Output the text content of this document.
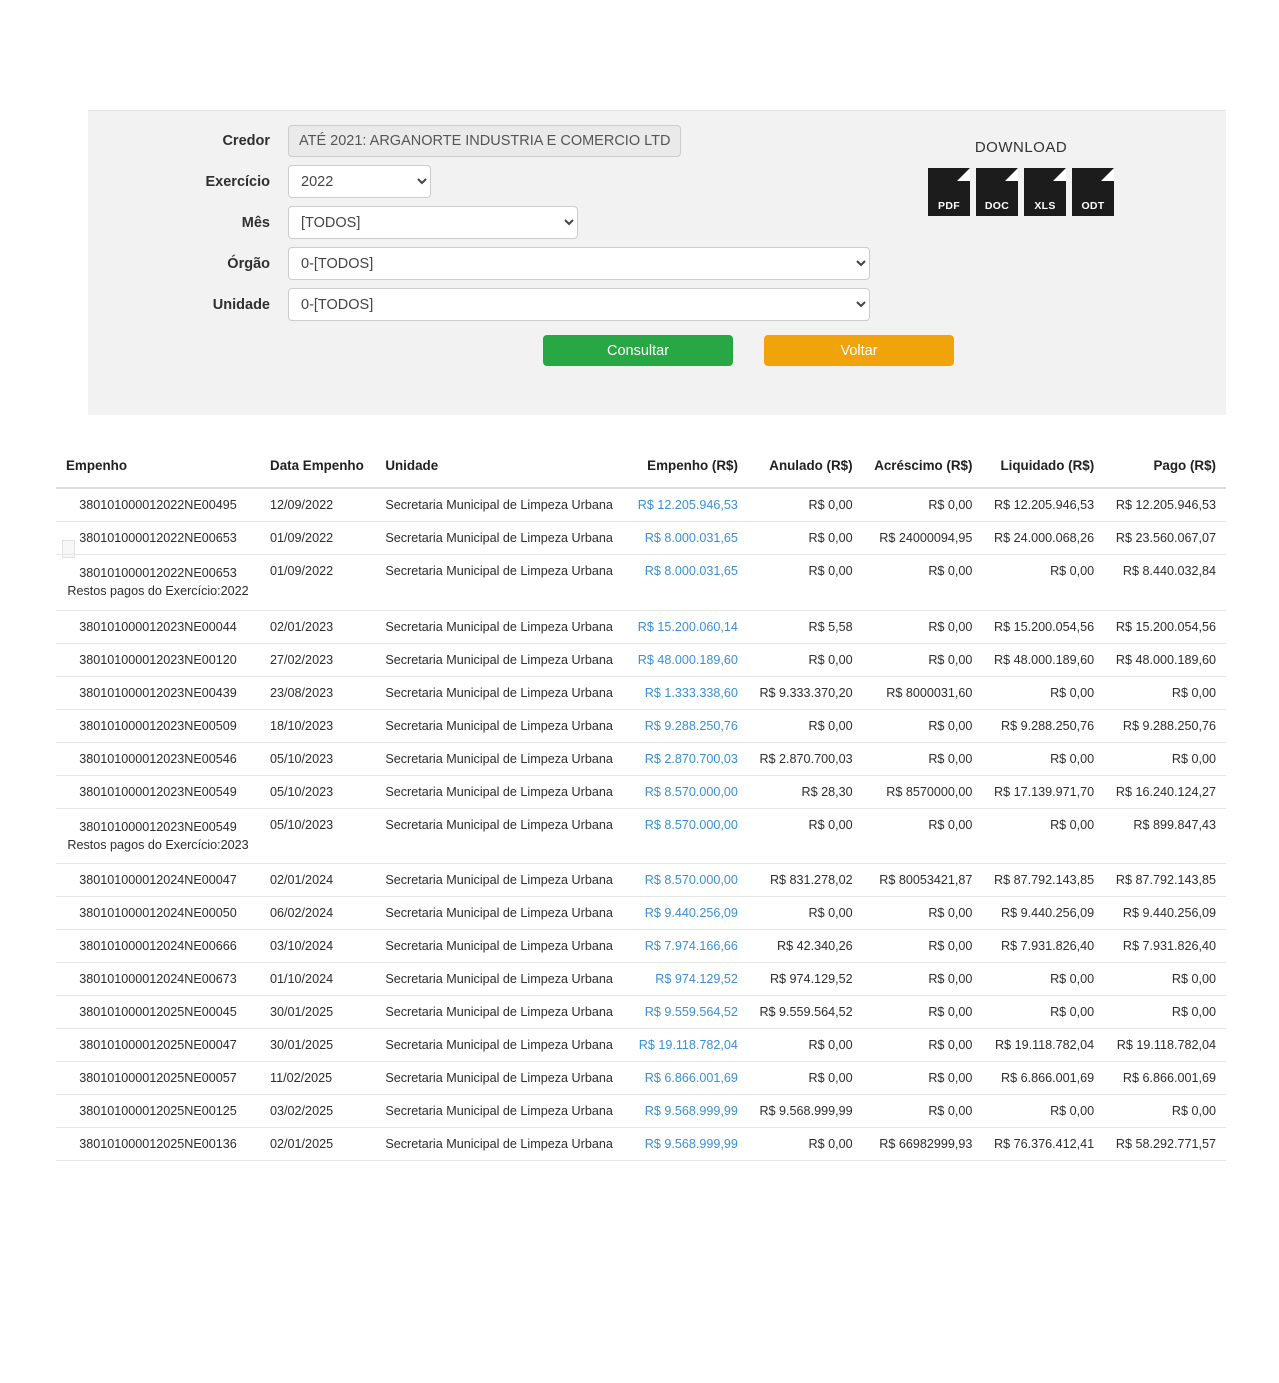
DOWNLOAD
PDF	DOC	XLS	ODT
Credor	ATÉ 2021: ARGANORTE INDUSTRIA E COMERCIO LTD
Exercício
2022
Mês
[TODOS]
Órgão
0-[TODOS]
Unidade
0-[TODOS]
Consultar	Voltar
Empenho	Data Empenho	Unidade	Empenho (R$)	Anulado (R$)	Acréscimo (R$)	Liquidado (R$)	Pago (R$)
380101000012022NE00495	12/09/2022	Secretaria Municipal de Limpeza Urbana	R$ 12.205.946,53	R$ 0,00	R$ 0,00	R$ 12.205.946,53	R$ 12.205.946,53
380101000012022NE00653	01/09/2022	Secretaria Municipal de Limpeza Urbana	R$ 8.000.031,65	R$ 0,00	R$ 24000094,95	R$ 24.000.068,26	R$ 23.560.067,07
380101000012022NE00653
Restos pagos do Exercício:2022	01/09/2022	Secretaria Municipal de Limpeza Urbana	R$ 8.000.031,65	R$ 0,00	R$ 0,00	R$ 0,00	R$ 8.440.032,84
380101000012023NE00044	02/01/2023	Secretaria Municipal de Limpeza Urbana	R$ 15.200.060,14	R$ 5,58	R$ 0,00	R$ 15.200.054,56	R$ 15.200.054,56
380101000012023NE00120	27/02/2023	Secretaria Municipal de Limpeza Urbana	R$ 48.000.189,60	R$ 0,00	R$ 0,00	R$ 48.000.189,60	R$ 48.000.189,60
380101000012023NE00439	23/08/2023	Secretaria Municipal de Limpeza Urbana	R$ 1.333.338,60	R$ 9.333.370,20	R$ 8000031,60	R$ 0,00	R$ 0,00
380101000012023NE00509	18/10/2023	Secretaria Municipal de Limpeza Urbana	R$ 9.288.250,76	R$ 0,00	R$ 0,00	R$ 9.288.250,76	R$ 9.288.250,76
380101000012023NE00546	05/10/2023	Secretaria Municipal de Limpeza Urbana	R$ 2.870.700,03	R$ 2.870.700,03	R$ 0,00	R$ 0,00	R$ 0,00
380101000012023NE00549	05/10/2023	Secretaria Municipal de Limpeza Urbana	R$ 8.570.000,00	R$ 28,30	R$ 8570000,00	R$ 17.139.971,70	R$ 16.240.124,27
380101000012023NE00549
Restos pagos do Exercício:2023	05/10/2023	Secretaria Municipal de Limpeza Urbana	R$ 8.570.000,00	R$ 0,00	R$ 0,00	R$ 0,00	R$ 899.847,43
380101000012024NE00047	02/01/2024	Secretaria Municipal de Limpeza Urbana	R$ 8.570.000,00	R$ 831.278,02	R$ 80053421,87	R$ 87.792.143,85	R$ 87.792.143,85
380101000012024NE00050	06/02/2024	Secretaria Municipal de Limpeza Urbana	R$ 9.440.256,09	R$ 0,00	R$ 0,00	R$ 9.440.256,09	R$ 9.440.256,09
380101000012024NE00666	03/10/2024	Secretaria Municipal de Limpeza Urbana	R$ 7.974.166,66	R$ 42.340,26	R$ 0,00	R$ 7.931.826,40	R$ 7.931.826,40
380101000012024NE00673	01/10/2024	Secretaria Municipal de Limpeza Urbana	R$ 974.129,52	R$ 974.129,52	R$ 0,00	R$ 0,00	R$ 0,00
380101000012025NE00045	30/01/2025	Secretaria Municipal de Limpeza Urbana	R$ 9.559.564,52	R$ 9.559.564,52	R$ 0,00	R$ 0,00	R$ 0,00
380101000012025NE00047	30/01/2025	Secretaria Municipal de Limpeza Urbana	R$ 19.118.782,04	R$ 0,00	R$ 0,00	R$ 19.118.782,04	R$ 19.118.782,04
380101000012025NE00057	11/02/2025	Secretaria Municipal de Limpeza Urbana	R$ 6.866.001,69	R$ 0,00	R$ 0,00	R$ 6.866.001,69	R$ 6.866.001,69
380101000012025NE00125	03/02/2025	Secretaria Municipal de Limpeza Urbana	R$ 9.568.999,99	R$ 9.568.999,99	R$ 0,00	R$ 0,00	R$ 0,00
380101000012025NE00136	02/01/2025	Secretaria Municipal de Limpeza Urbana	R$ 9.568.999,99	R$ 0,00	R$ 66982999,93	R$ 76.376.412,41	R$ 58.292.771,57
